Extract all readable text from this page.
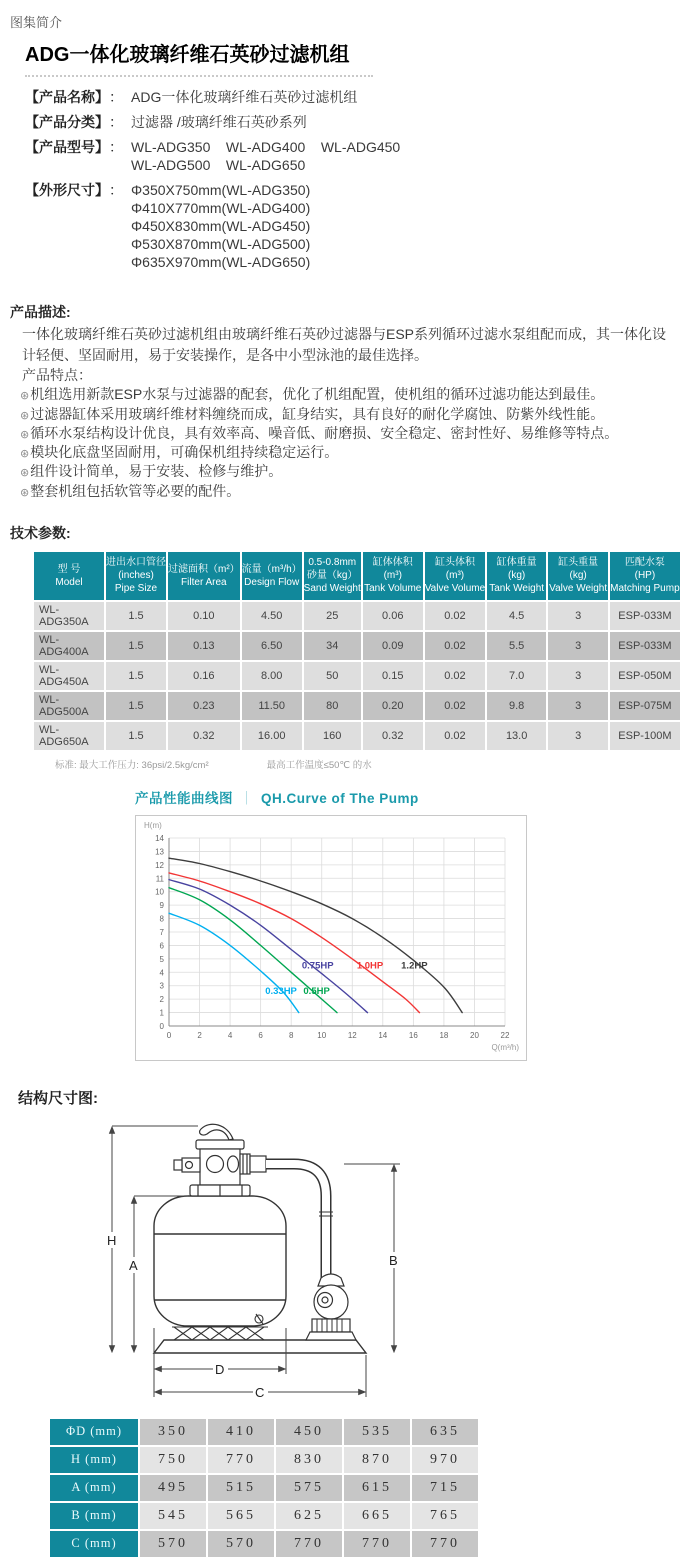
图集简介
ADG一体化玻璃纤维石英砂过滤机组
【产品名称】 ： ADG一体化玻璃纤维石英砂过滤机组
【产品分类】 ： 过滤器 /玻璃纤维石英砂系列
【产品型号】 ： WL-ADG350    WL-ADG400    WL-ADG450
WL-ADG500    WL-ADG650
【外形尺寸】 ： Φ350X750mm(WL-ADG350)
Φ410X770mm(WL-ADG400)
Φ450X830mm(WL-ADG450)
Φ530X870mm(WL-ADG500)
Φ635X970mm(WL-ADG650)
产品描述:
一体化玻璃纤维石英砂过滤机组由玻璃纤维石英砂过滤器与ESP系列循环过滤水泵组配而成，其一体化设计轻便、坚固耐用，易于安装操作，是各中小型泳池的最佳选择。
产品特点：
⊛机组选用新款ESP水泵与过滤器的配套，优化了机组配置，使机组的循环过滤功能达到最佳。
⊛过滤器缸体采用玻璃纤维材料缠绕而成，缸身结实，具有良好的耐化学腐蚀、防紫外线性能。
⊛循环水泵结构设计优良，具有效率高、噪音低、耐磨损、安全稳定、密封性好、易维修等特点。
⊛模块化底盘坚固耐用，可确保机组持续稳定运行。
⊛组件设计简单，易于安装、检修与维护。
⊛整套机组包括软管等必要的配件。
技术参数:
型 号
Model

进出水口管径
(inches)
Pipe Size

过滤面积（m²）
Filter Area

流量（m³/h）
Design Flow

0.5-0.8mm
砂量（kg）
Sand Weight

缸体体积
(m³)
Tank Volume

缸头体积
(m³)
Valve Volume

缸体重量
(kg)
Tank Weight

缸头重量
(kg)
Valve Weight

匹配水泵
(HP)
Matching Pump

WL-ADG350A	1.5	0.10	4.50	25	0.06	0.02	4.5	3	ESP-033M
WL-ADG400A	1.5	0.13	6.50	34	0.09	0.02	5.5	3	ESP-033M
WL-ADG450A	1.5	0.16	8.00	50	0.15	0.02	7.0	3	ESP-050M
WL-ADG500A	1.5	0.23	11.50	80	0.20	0.02	9.8	3	ESP-075M
WL-ADG650A	1.5	0.32	16.00	160	0.32	0.02	13.0	3	ESP-100M
标准: 最大工作压力: 36psi/2.5kg/cm²	最高工作温度≤50℃ 的水
产品性能曲线图 ｜ QH.Curve of The Pump
0
1
2
3
4
5
6
7
8
9
10
11
12
13
14
0	2	4	6	8	10	12	14	16	18	20	22
H(m)
Q(m³/h)
0.33HP 0.5HP
0.75HP 1.0HP 1.2HP
结构尺寸图:
H
A	B
D
C
ΦD (mm)	350	410	450	535	635
H (mm)	750	770	830	870	970
A (mm)	495	515	575	615	715
B (mm)	545	565	625	665	765
C (mm)	570	570	770	770	770
